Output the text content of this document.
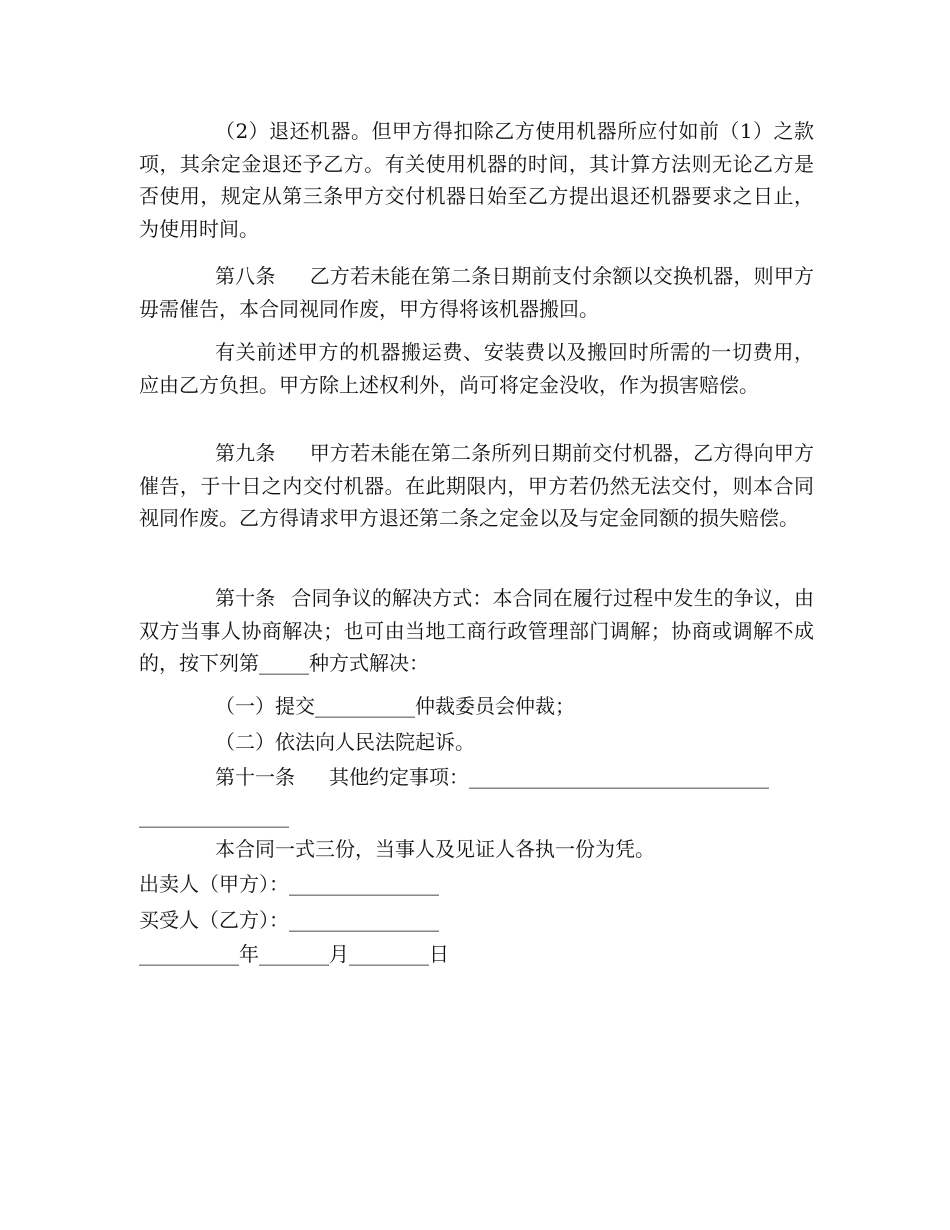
（2）退还机器。但甲方得扣除乙方使用机器所应付如前（1）之款项，其余定金退还予乙方。有关使用机器的时间，其计算方法则无论乙方是否使用，规定从第三条甲方交付机器日始至乙方提出退还机器要求之日止，为使用时间。

第八条 乙方若未能在第二条日期前支付余额以交换机器，则甲方毋需催告，本合同视同作废，甲方得将该机器搬回。

有关前述甲方的机器搬运费、安装费以及搬回时所需的一切费用，应由乙方负担。甲方除上述权利外，尚可将定金没收，作为损害赔偿。

第九条 甲方若未能在第二条所列日期前交付机器，乙方得向甲方催告，于十日之内交付机器。在此期限内，甲方若仍然无法交付，则本合同视同作废。乙方得请求甲方退还第二条之定金以及与定金同额的损失赔偿。

第十条 合同争议的解决方式：本合同在履行过程中发生的争议，由双方当事人协商解决；也可由当地工商行政管理部门调解；协商或调解不成的，按下列第_____种方式解决：

（一）提交__________仲裁委员会仲裁；

（二）依法向人民法院起诉。

第十一条 其他约定事项：______________________________

_______________

本合同一式三份，当事人及见证人各执一份为凭。

出卖人（甲方）：_______________

买受人（乙方）：_______________

__________年_______月________日
